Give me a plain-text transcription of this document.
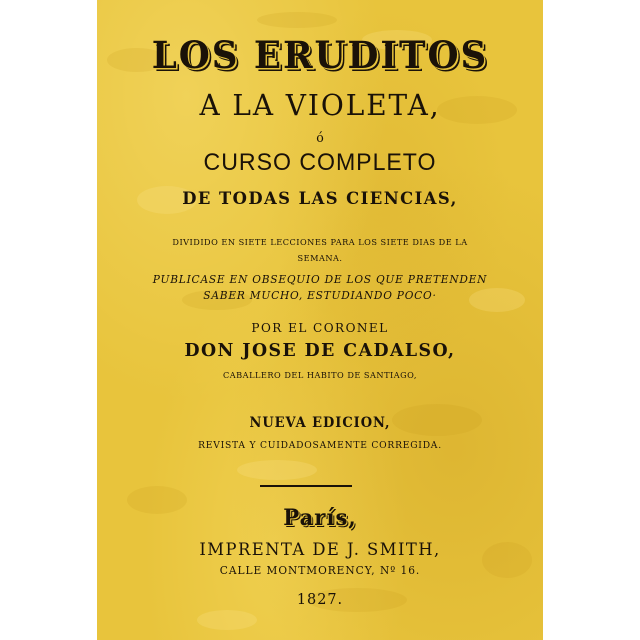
LOS ERUDITOS
A LA VIOLETA,
ó
CURSO COMPLETO
DE TODAS LAS CIENCIAS,
DIVIDIDO EN SIETE LECCIONES PARA LOS SIETE DIAS DE LA
SEMANA.
PUBLICASE EN OBSEQUIO DE LOS QUE PRETENDEN
SABER MUCHO, ESTUDIANDO POCO·
POR EL CORONEL
DON JOSE DE CADALSO,
CABALLERO DEL HABITO DE SANTIAGO,
NUEVA EDICION,
REVISTA Y CUIDADOSAMENTE CORREGIDA.
París,
IMPRENTA DE J. SMITH,
CALLE MONTMORENCY, Nº 16.
1827.
